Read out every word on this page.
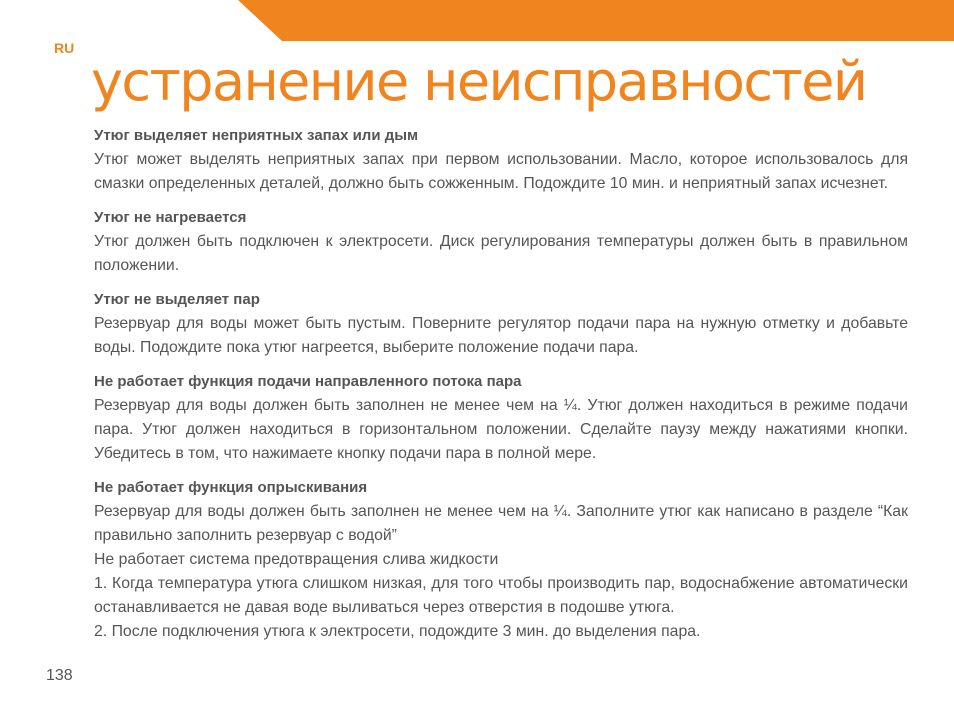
RU
устранение неисправностей

Утюг выделяет неприятных запах или дым

Утюг может выделять неприятных запах при первом использовании. Масло, которое использовалось для смазки определенных деталей, должно быть сожженным. Подождите 10 мин. и неприятный запах исчезнет.

Утюг не нагревается

Утюг должен быть подключен к электросети. Диск регулирования температуры должен быть в правильном положении.

Утюг не выделяет пар

Резервуар для воды может быть пустым. Поверните регулятор подачи пара на нужную отметку и добавьте воды. Подождите пока утюг нагреется, выберите положение подачи пара.

Не работает функция подачи направленного потока пара

Резервуар для воды должен быть заполнен не менее чем на ¼. Утюг должен находиться в режиме подачи пара. Утюг должен находиться в горизонтальном положении. Сделайте паузу между нажатиями кнопки. Убедитесь в том, что нажимаете кнопку подачи пара в полной мере.

Не работает функция опрыскивания

Резервуар для воды должен быть заполнен не менее чем на ¼. Заполните утюг как написано в разделе “Как правильно заполнить резервуар с водой”

Не работает система предотвращения слива жидкости

1. Когда температура утюга слишком низкая, для того чтобы производить пар, водоснабжение автоматически останавливается не давая воде выливаться через отверстия в подошве утюга.

2. После подключения утюга к электросети, подождите 3 мин. до выделения пара.

138
